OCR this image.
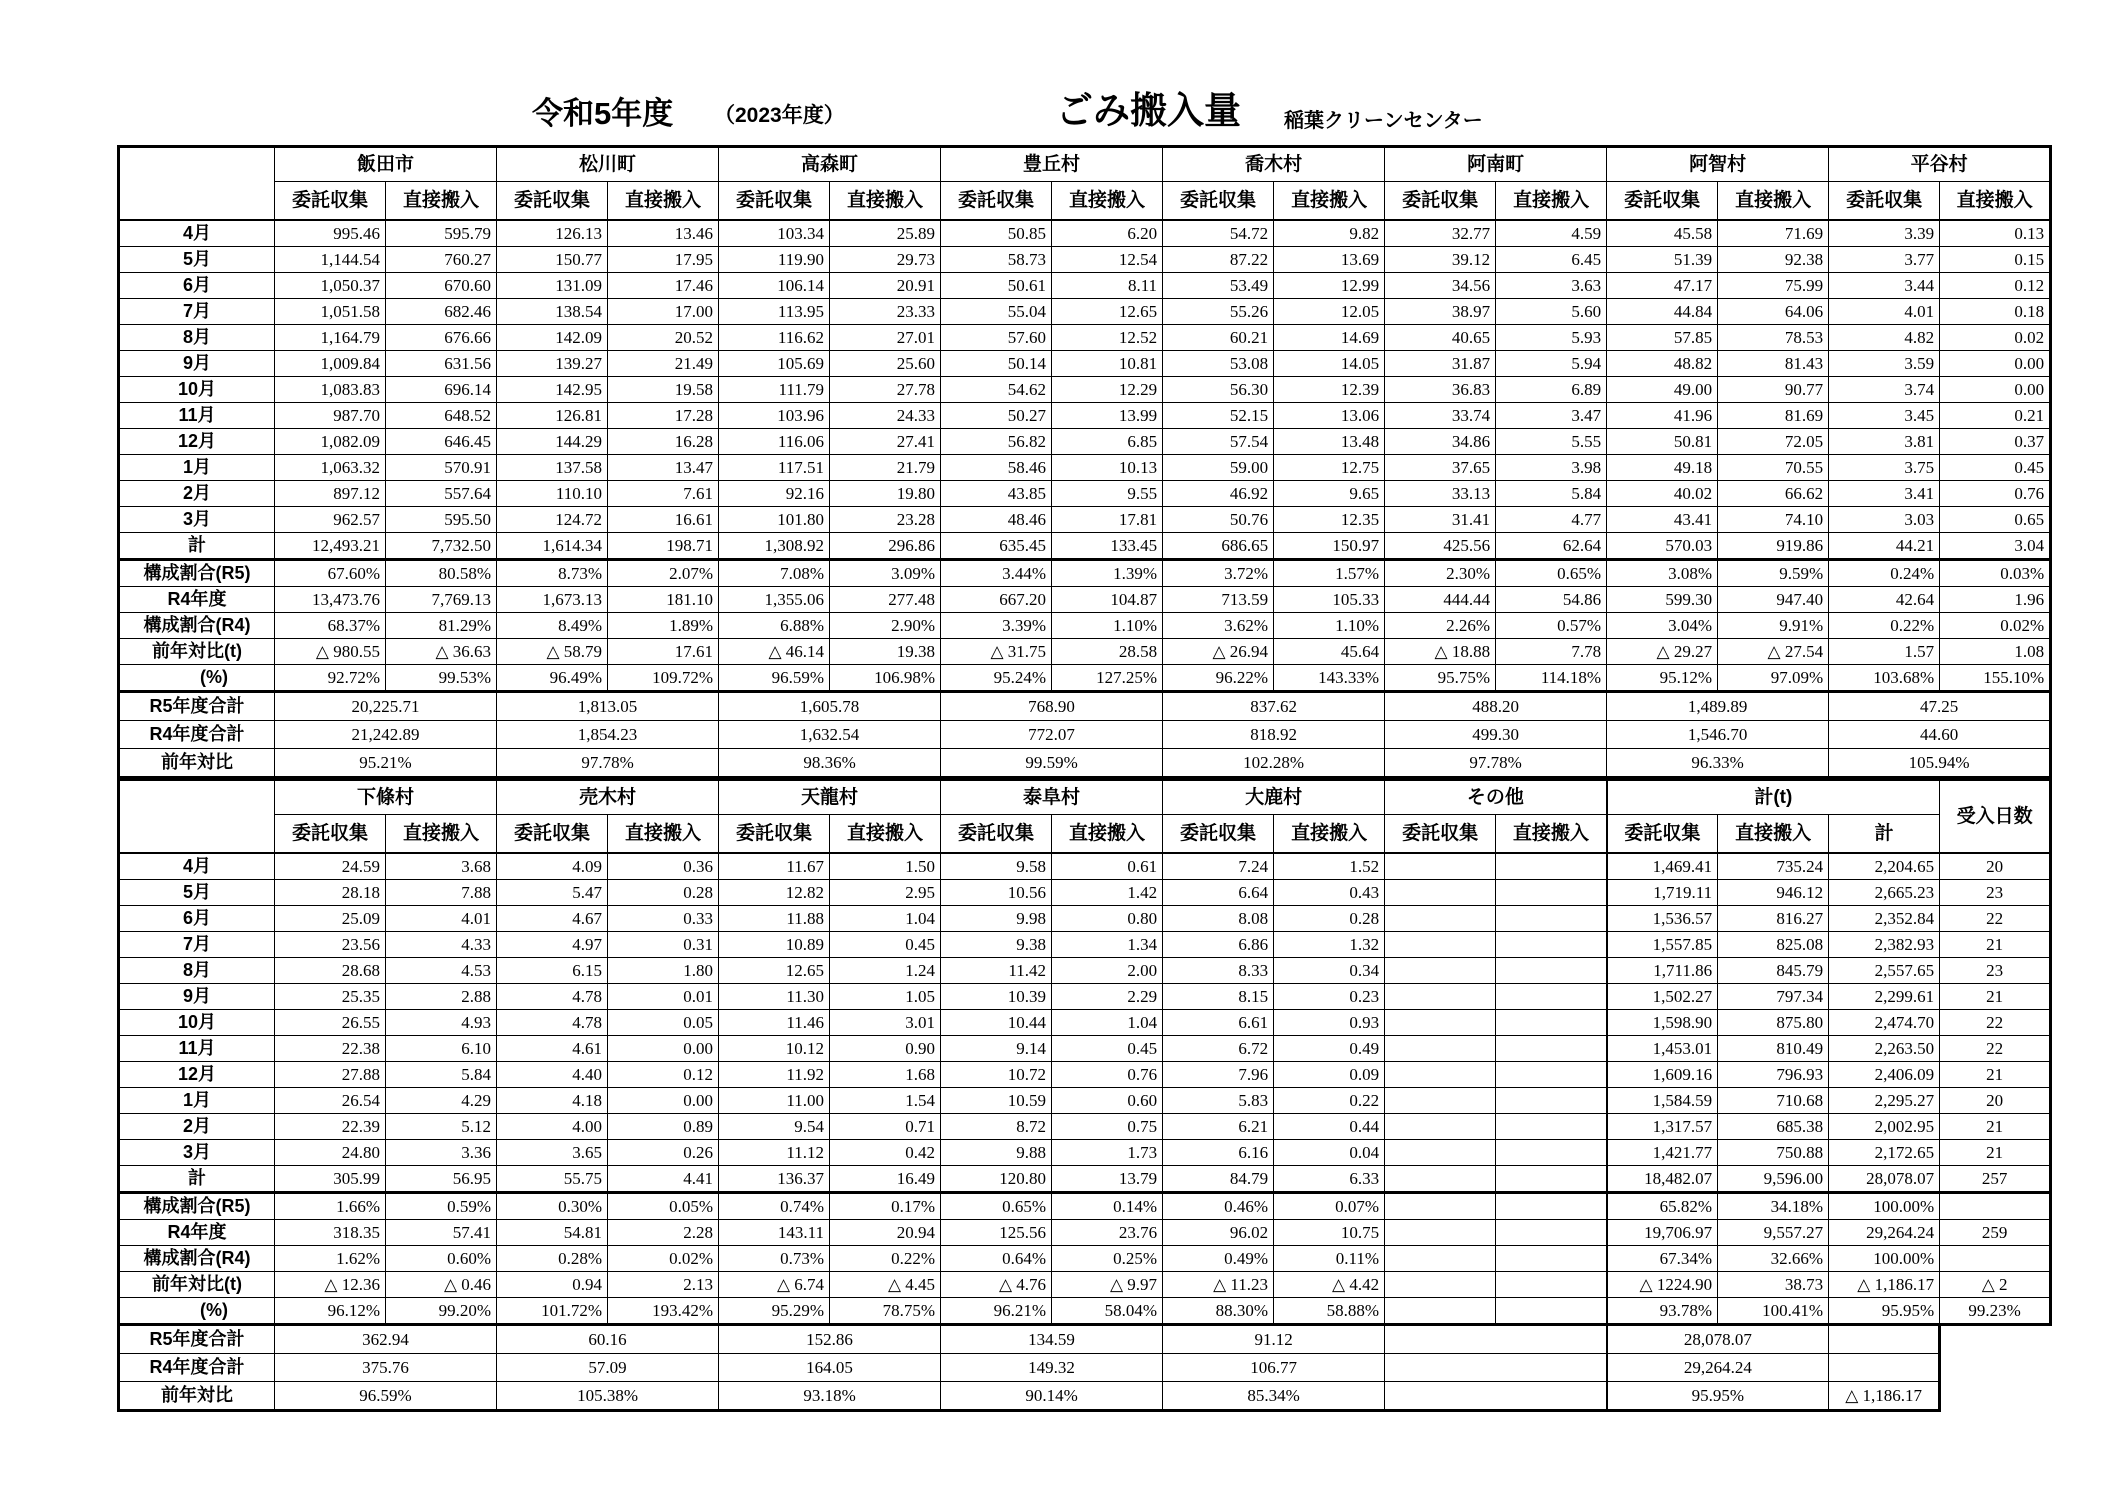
令和5年度 （2023年度）	ごみ搬入量 稲葉クリーンセンター
	飯田市		松川町		高森町		豊丘村		喬木村		阿南町		阿智村		平谷村	
	委託収集	直接搬入	委託収集	直接搬入	委託収集	直接搬入	委託収集	直接搬入	委託収集	直接搬入	委託収集	直接搬入	委託収集	直接搬入	委託収集	直接搬入
4月	995.46	595.79	126.13	13.46	103.34	25.89	50.85	6.20	54.72	9.82	32.77	4.59	45.58	71.69	3.39	0.13
5月	1,144.54	760.27	150.77	17.95	119.90	29.73	58.73	12.54	87.22	13.69	39.12	6.45	51.39	92.38	3.77	0.15
6月	1,050.37	670.60	131.09	17.46	106.14	20.91	50.61	8.11	53.49	12.99	34.56	3.63	47.17	75.99	3.44	0.12
7月	1,051.58	682.46	138.54	17.00	113.95	23.33	55.04	12.65	55.26	12.05	38.97	5.60	44.84	64.06	4.01	0.18
8月	1,164.79	676.66	142.09	20.52	116.62	27.01	57.60	12.52	60.21	14.69	40.65	5.93	57.85	78.53	4.82	0.02
9月	1,009.84	631.56	139.27	21.49	105.69	25.60	50.14	10.81	53.08	14.05	31.87	5.94	48.82	81.43	3.59	0.00
10月	1,083.83	696.14	142.95	19.58	111.79	27.78	54.62	12.29	56.30	12.39	36.83	6.89	49.00	90.77	3.74	0.00
11月	987.70	648.52	126.81	17.28	103.96	24.33	50.27	13.99	52.15	13.06	33.74	3.47	41.96	81.69	3.45	0.21
12月	1,082.09	646.45	144.29	16.28	116.06	27.41	56.82	6.85	57.54	13.48	34.86	5.55	50.81	72.05	3.81	0.37
1月	1,063.32	570.91	137.58	13.47	117.51	21.79	58.46	10.13	59.00	12.75	37.65	3.98	49.18	70.55	3.75	0.45
2月	897.12	557.64	110.10	7.61	92.16	19.80	43.85	9.55	46.92	9.65	33.13	5.84	40.02	66.62	3.41	0.76
3月	962.57	595.50	124.72	16.61	101.80	23.28	48.46	17.81	50.76	12.35	31.41	4.77	43.41	74.10	3.03	0.65
計	12,493.21	7,732.50	1,614.34	198.71	1,308.92	296.86	635.45	133.45	686.65	150.97	425.56	62.64	570.03	919.86	44.21	3.04
構成割合(R5)	67.60%	80.58%	8.73%	2.07%	7.08%	3.09%	3.44%	1.39%	3.72%	1.57%	2.30%	0.65%	3.08%	9.59%	0.24%	0.03%
R4年度	13,473.76	7,769.13	1,673.13	181.10	1,355.06	277.48	667.20	104.87	713.59	105.33	444.44	54.86	599.30	947.40	42.64	1.96
構成割合(R4)	68.37%	81.29%	8.49%	1.89%	6.88%	2.90%	3.39%	1.10%	3.62%	1.10%	2.26%	0.57%	3.04%	9.91%	0.22%	0.02%
前年対比(t)	△ 980.55	△ 36.63	△ 58.79	17.61	△ 46.14	19.38	△ 31.75	28.58	△ 26.94	45.64	△ 18.88	7.78	△ 29.27	△ 27.54	1.57	1.08
(%)	92.72%	99.53%	96.49%	109.72%	96.59%	106.98%	95.24%	127.25%	96.22%	143.33%	95.75%	114.18%	95.12%	97.09%	103.68%	155.10%
R5年度合計	20,225.71		1,813.05		1,605.78		768.90		837.62		488.20		1,489.89		47.25	
R4年度合計	21,242.89		1,854.23		1,632.54		772.07		818.92		499.30		1,546.70		44.60	
前年対比	95.21%		97.78%		98.36%		99.59%		102.28%		97.78%		96.33%		105.94%	
	下條村		売木村		天龍村		泰阜村		大鹿村		その他		計(t)			受入日数
	委託収集	直接搬入	委託収集	直接搬入	委託収集	直接搬入	委託収集	直接搬入	委託収集	直接搬入	委託収集	直接搬入	委託収集	直接搬入	計	
4月	24.59	3.68	4.09	0.36	11.67	1.50	9.58	0.61	7.24	1.52			1,469.41	735.24	2,204.65	20
5月	28.18	7.88	5.47	0.28	12.82	2.95	10.56	1.42	6.64	0.43			1,719.11	946.12	2,665.23	23
6月	25.09	4.01	4.67	0.33	11.88	1.04	9.98	0.80	8.08	0.28			1,536.57	816.27	2,352.84	22
7月	23.56	4.33	4.97	0.31	10.89	0.45	9.38	1.34	6.86	1.32			1,557.85	825.08	2,382.93	21
8月	28.68	4.53	6.15	1.80	12.65	1.24	11.42	2.00	8.33	0.34			1,711.86	845.79	2,557.65	23
9月	25.35	2.88	4.78	0.01	11.30	1.05	10.39	2.29	8.15	0.23			1,502.27	797.34	2,299.61	21
10月	26.55	4.93	4.78	0.05	11.46	3.01	10.44	1.04	6.61	0.93			1,598.90	875.80	2,474.70	22
11月	22.38	6.10	4.61	0.00	10.12	0.90	9.14	0.45	6.72	0.49			1,453.01	810.49	2,263.50	22
12月	27.88	5.84	4.40	0.12	11.92	1.68	10.72	0.76	7.96	0.09			1,609.16	796.93	2,406.09	21
1月	26.54	4.29	4.18	0.00	11.00	1.54	10.59	0.60	5.83	0.22			1,584.59	710.68	2,295.27	20
2月	22.39	5.12	4.00	0.89	9.54	0.71	8.72	0.75	6.21	0.44			1,317.57	685.38	2,002.95	21
3月	24.80	3.36	3.65	0.26	11.12	0.42	9.88	1.73	6.16	0.04			1,421.77	750.88	2,172.65	21
計	305.99	56.95	55.75	4.41	136.37	16.49	120.80	13.79	84.79	6.33			18,482.07	9,596.00	28,078.07	257
構成割合(R5)	1.66%	0.59%	0.30%	0.05%	0.74%	0.17%	0.65%	0.14%	0.46%	0.07%			65.82%	34.18%	100.00%	
R4年度	318.35	57.41	54.81	2.28	143.11	20.94	125.56	23.76	96.02	10.75			19,706.97	9,557.27	29,264.24	259
構成割合(R4)	1.62%	0.60%	0.28%	0.02%	0.73%	0.22%	0.64%	0.25%	0.49%	0.11%			67.34%	32.66%	100.00%	
前年対比(t)	△ 12.36	△ 0.46	0.94	2.13	△ 6.74	△ 4.45	△ 4.76	△ 9.97	△ 11.23	△ 4.42			△ 1224.90	38.73	△ 1,186.17	△ 2
(%)	96.12%	99.20%	101.72%	193.42%	95.29%	78.75%	96.21%	58.04%	88.30%	58.88%			93.78%	100.41%	95.95%	99.23%
R5年度合計	362.94		60.16		152.86		134.59		91.12				28,078.07			
R4年度合計	375.76		57.09		164.05		149.32		106.77				29,264.24			
前年対比	96.59%		105.38%		93.18%		90.14%		85.34%				95.95%		△ 1,186.17	
